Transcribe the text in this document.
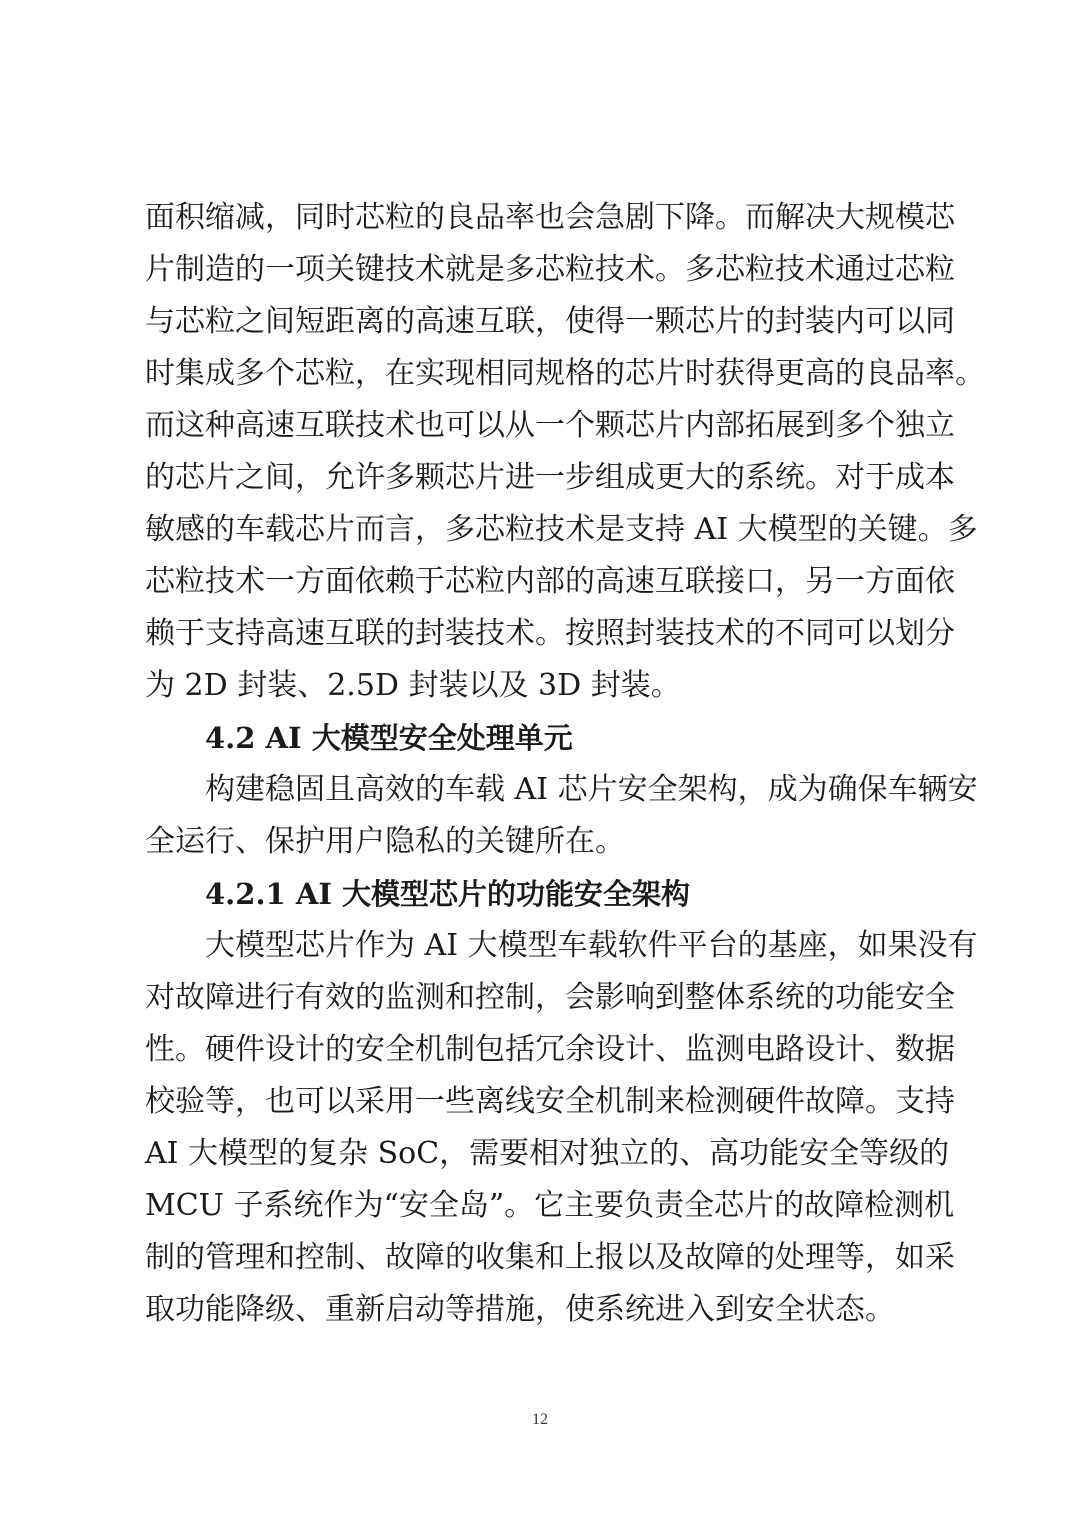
面积缩减，同时芯粒的良品率也会急剧下降。而解决大规模芯
片制造的一项关键技术就是多芯粒技术。多芯粒技术通过芯粒
与芯粒之间短距离的高速互联，使得一颗芯片的封装内可以同
时集成多个芯粒，在实现相同规格的芯片时获得更高的良品率。
而这种高速互联技术也可以从一个颗芯片内部拓展到多个独立
的芯片之间，允许多颗芯片进一步组成更大的系统。对于成本
敏感的车载芯片而言，多芯粒技术是支持 AI 大模型的关键。多
芯粒技术一方面依赖于芯粒内部的高速互联接口，另一方面依
赖于支持高速互联的封装技术。按照封装技术的不同可以划分
为 2D 封装、2.5D 封装以及 3D 封装。
4.2 AI 大模型安全处理单元
构建稳固且高效的车载 AI 芯片安全架构，成为确保车辆安
全运行、保护用户隐私的关键所在。
4.2.1 AI 大模型芯片的功能安全架构
大模型芯片作为 AI 大模型车载软件平台的基座，如果没有
对故障进行有效的监测和控制，会影响到整体系统的功能安全
性。硬件设计的安全机制包括冗余设计、监测电路设计、数据
校验等，也可以采用一些离线安全机制来检测硬件故障。支持
AI 大模型的复杂 SoC，需要相对独立的、高功能安全等级的
MCU 子系统作为“安全岛”。它主要负责全芯片的故障检测机
制的管理和控制、故障的收集和上报以及故障的处理等，如采
取功能降级、重新启动等措施，使系统进入到安全状态。
12
